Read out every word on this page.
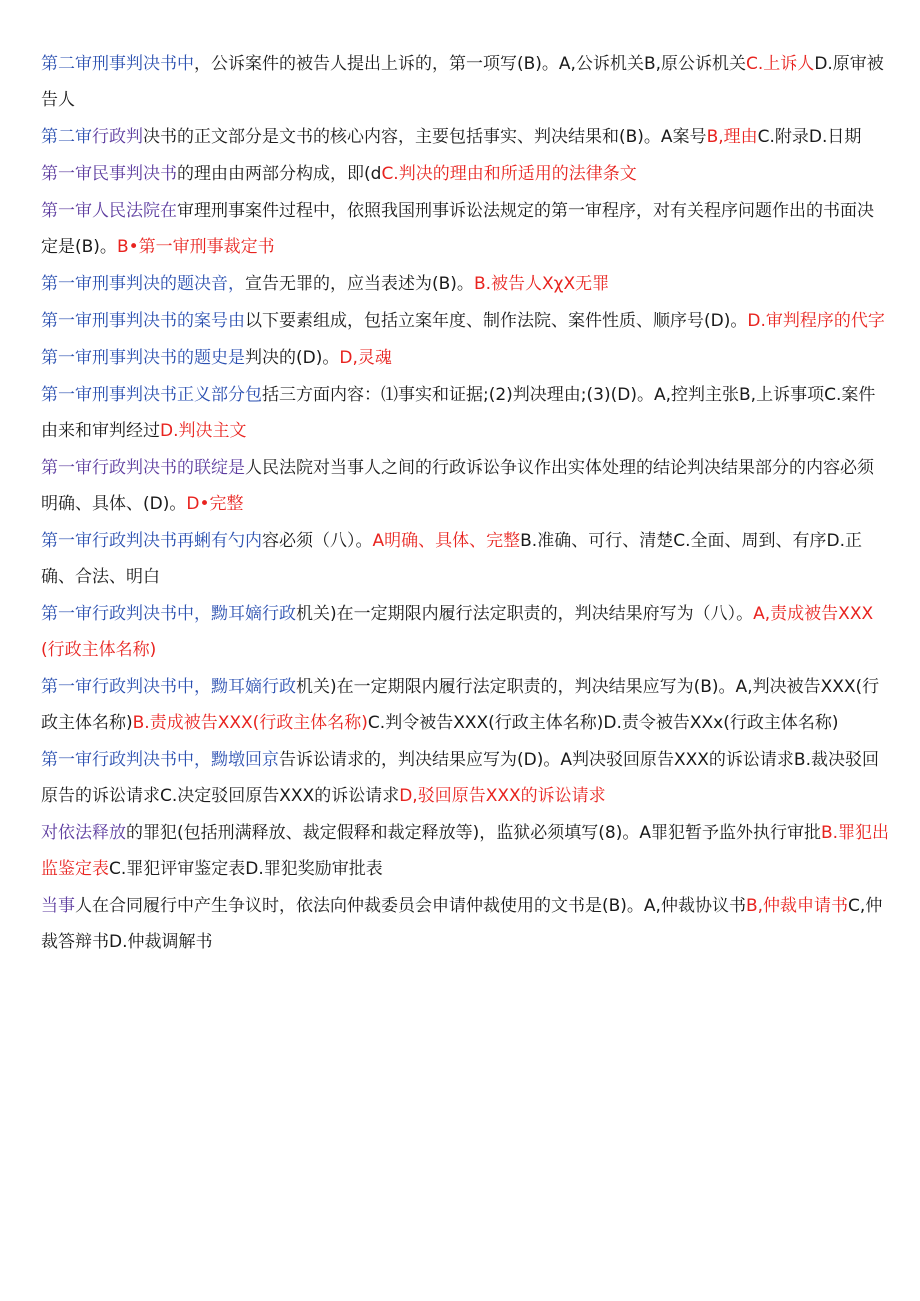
第二审刑事判决书中，公诉案件的被告人提出上诉的，第一项写(B)。A,公诉机关B,原公诉机关C.上诉人D.原审被告人

第二审行政判决书的正文部分是文书的核心内容，主要包括事实、判决结果和(B)。A案号B,理由C.附录D.日期

第一审民事判决书的理由由两部分构成，即(dC.判决的理由和所适用的法律条文

第一审人民法院在审理刑事案件过程中，依照我国刑事诉讼法规定的第一审程序，对有关程序问题作出的书面决定是(B)。B•第一审刑事裁定书

第一审刑事判决的题决音，宣告无罪的，应当表述为(B)。B.被告人XχX无罪

第一审刑事判决书的案号由以下要素组成，包括立案年度、制作法院、案件性质、顺序号(D)。D.审判程序的代字

第一审刑事判决书的题史是判决的(D)。D,灵魂

第一审刑事判决书正义部分包括三方面内容：⑴事实和证据;(2)判决理由;(3)(D)。A,控判主张B,上诉事项C.案件由来和审判经过D.判决主文

第一审行政判决书的联绽是人民法院对当事人之间的行政诉讼争议作出实体处理的结论判决结果部分的内容必须明确、具体、(D)。D•完整

第一审行政判决书再蜊有勺内容必须（八）。A明确、具体、完整B.准确、可行、清楚C.全面、周到、有序D.正确、合法、明白

第一审行政判决书中，黝耳嫡行政机关)在一定期限内履行法定职责的，判决结果府写为（八）。A,责成被告XXX(行政主体名称)

第一审行政判决书中，黝耳嫡行政机关)在一定期限内履行法定职责的，判决结果应写为(B)。A,判决被告XXX(行政主体名称)B.责成被告XXX(行政主体名称)C.判令被告XXX(行政主体名称)D.责令被告XXx(行政主体名称)

第一审行政判决书中，黝墩回京告诉讼请求的，判决结果应写为(D)。A判决驳回原告XXX的诉讼请求B.裁决驳回原告的诉讼请求C.决定驳回原告XXX的诉讼请求D,驳回原告XXX的诉讼请求

对依法释放的罪犯(包括刑满释放、裁定假释和裁定释放等)，监狱必须填写(8)。A罪犯暂予监外执行审批B.罪犯出监鉴定表C.罪犯评审鉴定表D.罪犯奖励审批表

当事人在合同履行中产生争议时，依法向仲裁委员会申请仲裁使用的文书是(B)。A,仲裁协议书B,仲裁申请书C,仲裁答辩书D.仲裁调解书
